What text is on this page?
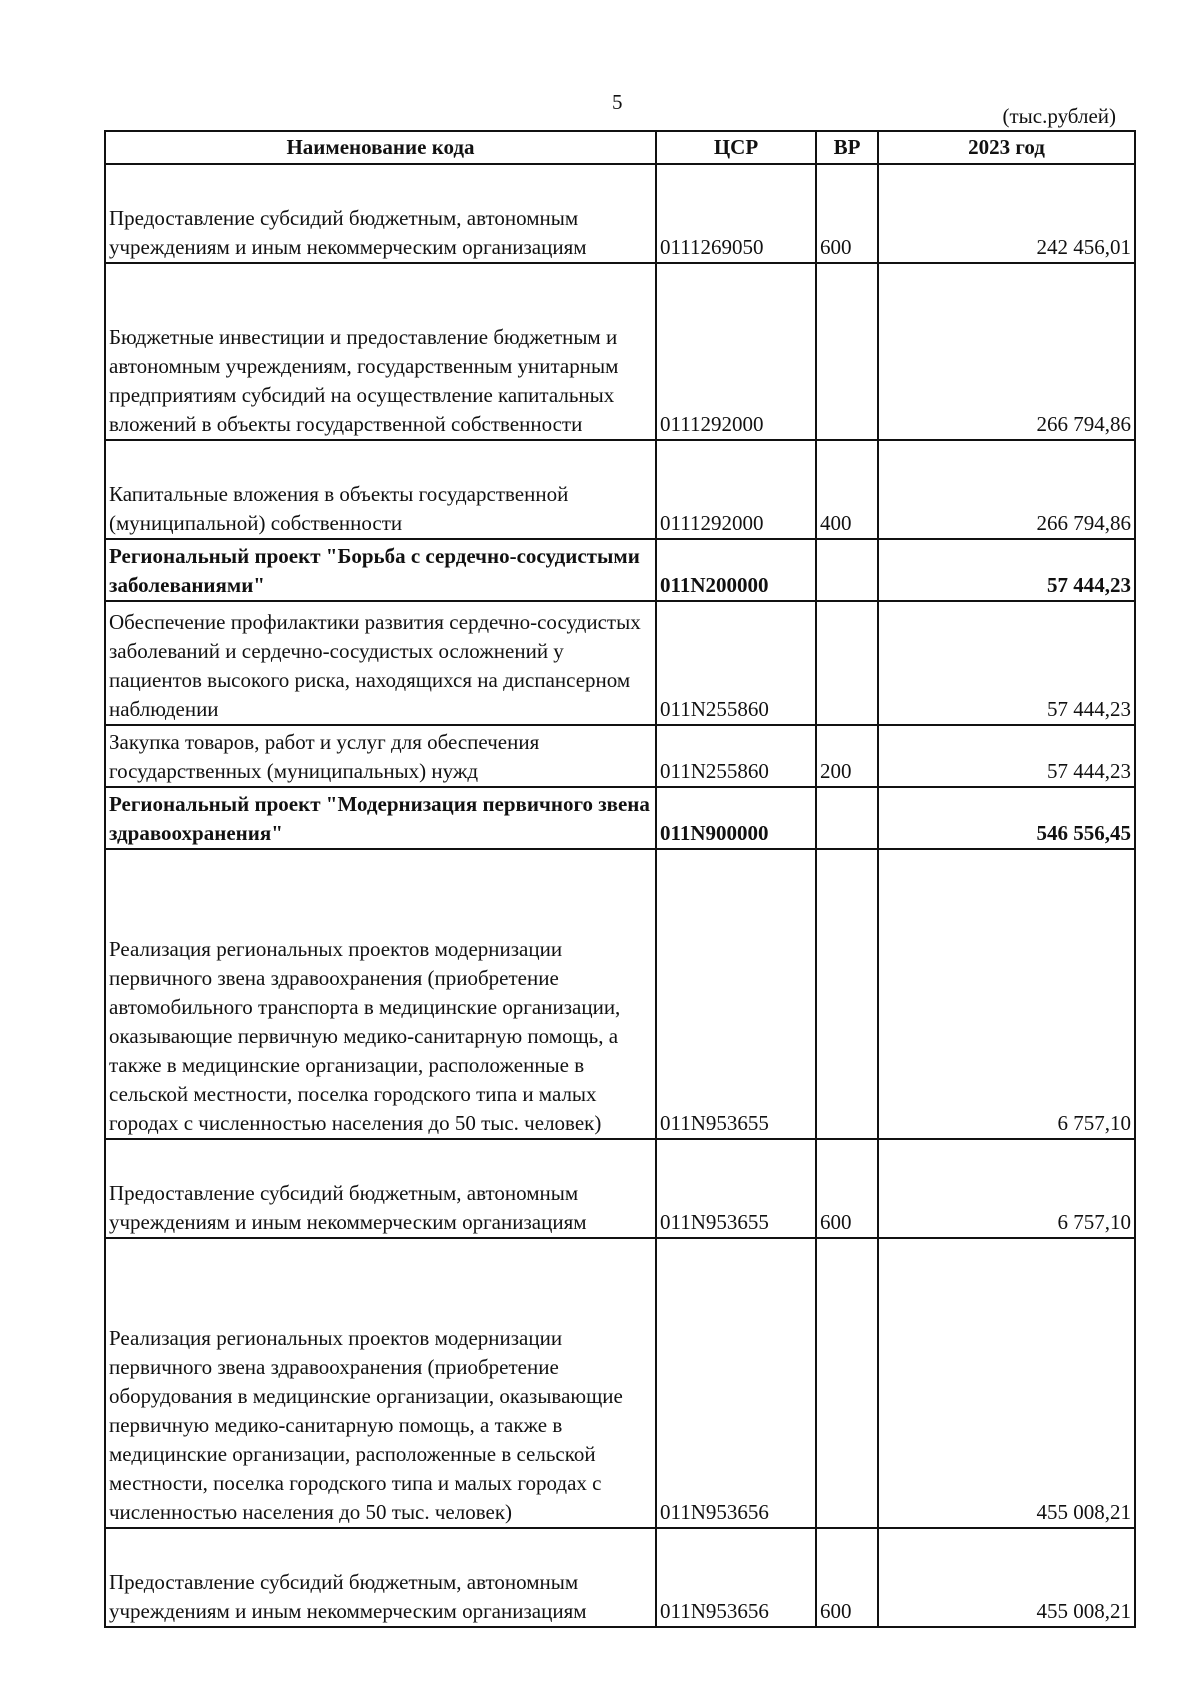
5
(тыс.рублей)
Наименование кода	ЦСР	ВР	2023 год
Предоставление субсидий бюджетным, автономным учреждениям и иным некоммерческим организациям	0111269050	600	242 456,01
Бюджетные инвестиции и предоставление бюджетным и автономным учреждениям, государственным унитарным предприятиям субсидий на осуществление капитальных вложений в объекты государственной собственности	0111292000		266 794,86
Капитальные вложения в объекты государственной (муниципальной) собственности	0111292000	400	266 794,86
Региональный проект "Борьба с сердечно-сосудистыми заболеваниями"	011N200000		57 444,23
Обеспечение профилактики развития сердечно-сосудистых заболеваний и сердечно-сосудистых осложнений у пациентов высокого риска, находящихся на диспансерном наблюдении	011N255860		57 444,23
Закупка товаров, работ и услуг для обеспечения государственных (муниципальных) нужд	011N255860	200	57 444,23
Региональный проект "Модернизация первичного звена здравоохранения"	011N900000		546 556,45
Реализация региональных проектов модернизации первичного звена здравоохранения (приобретение автомобильного транспорта в медицинские организации, оказывающие первичную медико-санитарную помощь, а также в медицинские организации, расположенные в сельской местности, поселка городского типа и малых городах с численностью населения до 50 тыс. человек)	011N953655		6 757,10
Предоставление субсидий бюджетным, автономным учреждениям и иным некоммерческим организациям	011N953655	600	6 757,10
Реализация региональных проектов модернизации первичного звена здравоохранения (приобретение оборудования в медицинские организации, оказывающие первичную медико-санитарную помощь, а также в медицинские организации, расположенные в сельской местности, поселка городского типа и малых городах с численностью населения до 50 тыс. человек)	011N953656		455 008,21
Предоставление субсидий бюджетным, автономным учреждениям и иным некоммерческим организациям	011N953656	600	455 008,21
